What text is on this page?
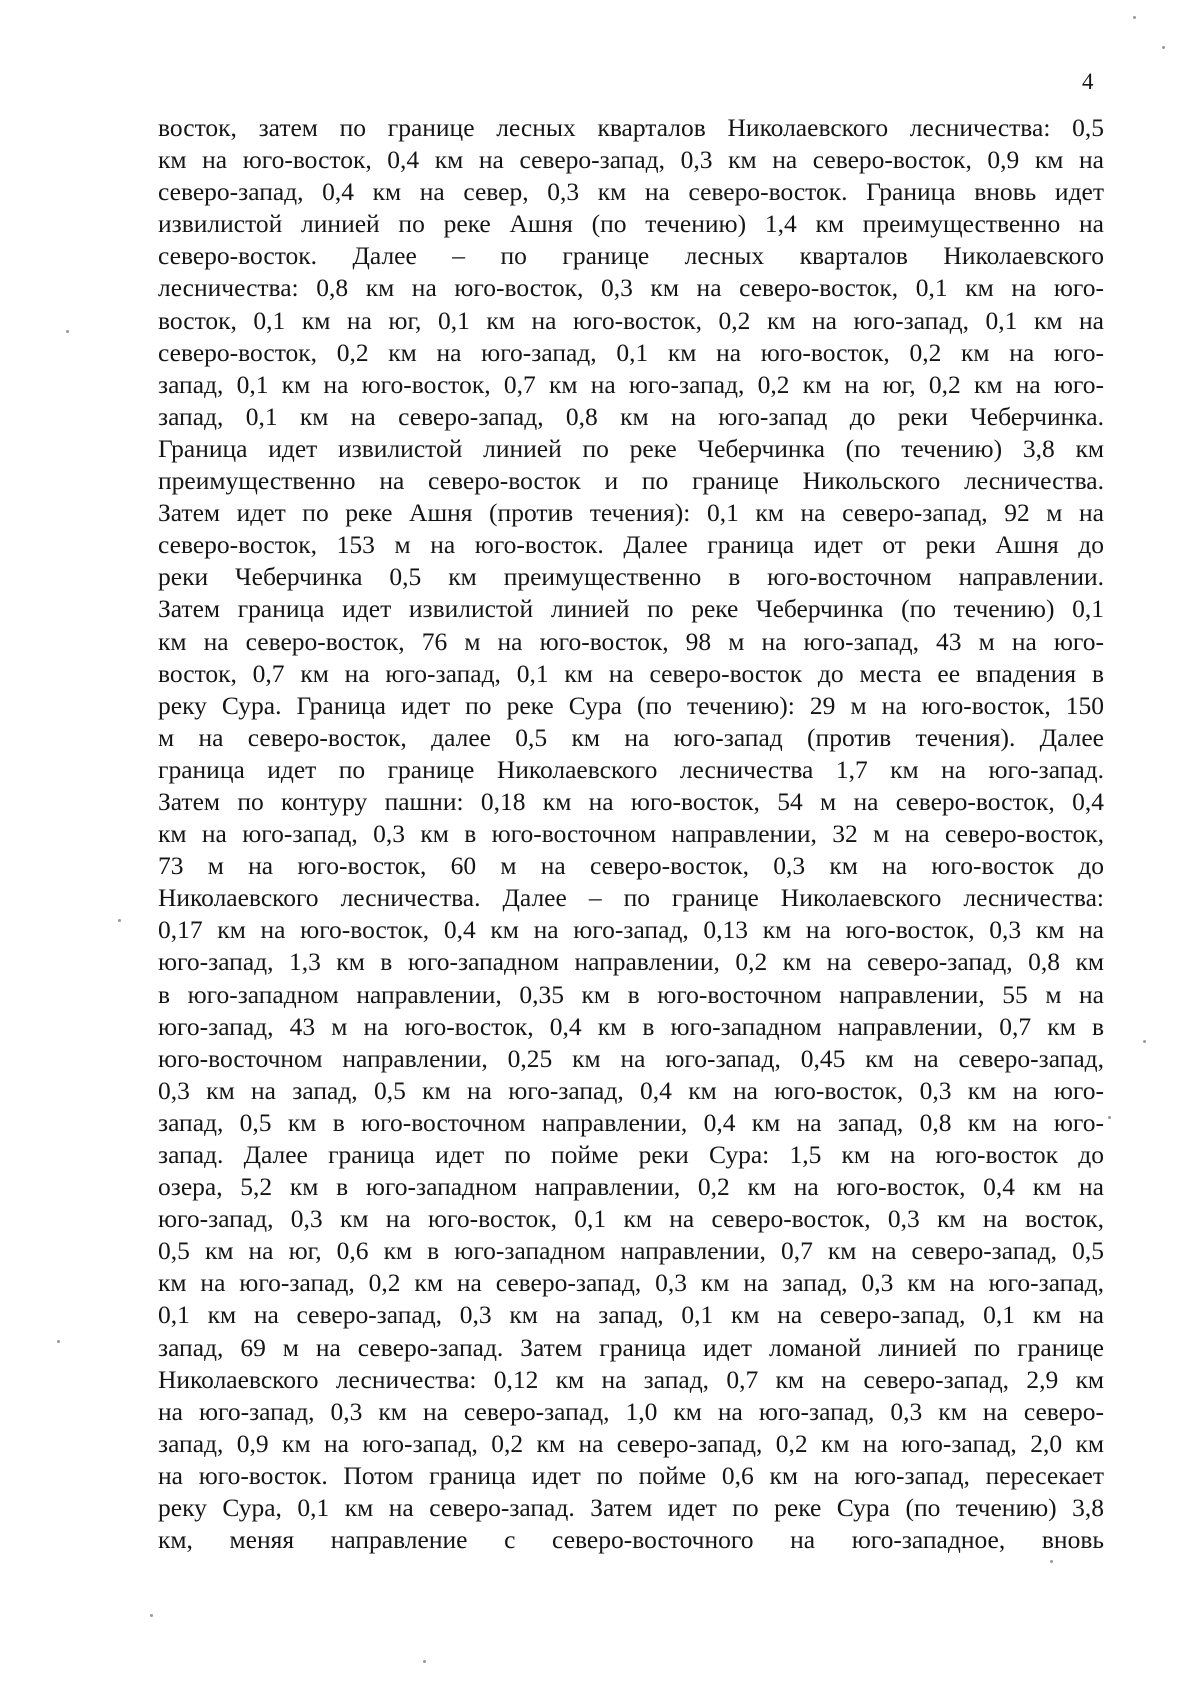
4
восток, затем по границе лесных кварталов Николаевского лесничества: 0,5
км на юго-восток, 0,4 км на северо-запад, 0,3 км на северо-восток, 0,9 км на
северо-запад, 0,4 км на север, 0,3 км на северо-восток. Граница вновь идет
извилистой линией по реке Ашня (по течению) 1,4 км преимущественно на
северо-восток. Далее – по границе лесных кварталов Николаевского
лесничества: 0,8 км на юго-восток, 0,3 км на северо-восток, 0,1 км на юго-
восток, 0,1 км на юг, 0,1 км на юго-восток, 0,2 км на юго-запад, 0,1 км на
северо-восток, 0,2 км на юго-запад, 0,1 км на юго-восток, 0,2 км на юго-
запад, 0,1 км на юго-восток, 0,7 км на юго-запад, 0,2 км на юг, 0,2 км на юго-
запад, 0,1 км на северо-запад, 0,8 км на юго-запад до реки Чеберчинка.
Граница идет извилистой линией по реке Чеберчинка (по течению) 3,8 км
преимущественно на северо-восток и по границе Никольского лесничества.
Затем идет по реке Ашня (против течения): 0,1 км на северо-запад, 92 м на
северо-восток, 153 м на юго-восток. Далее граница идет от реки Ашня до
реки Чеберчинка 0,5 км преимущественно в юго-восточном направлении.
Затем граница идет извилистой линией по реке Чеберчинка (по течению) 0,1
км на северо-восток, 76 м на юго-восток, 98 м на юго-запад, 43 м на юго-
восток, 0,7 км на юго-запад, 0,1 км на северо-восток до места ее впадения в
реку Сура. Граница идет по реке Сура (по течению): 29 м на юго-восток, 150
м на северо-восток, далее 0,5 км на юго-запад (против течения). Далее
граница идет по границе Николаевского лесничества 1,7 км на юго-запад.
Затем по контуру пашни: 0,18 км на юго-восток, 54 м на северо-восток, 0,4
км на юго-запад, 0,3 км в юго-восточном направлении, 32 м на северо-восток,
73 м на юго-восток, 60 м на северо-восток, 0,3 км на юго-восток до
Николаевского лесничества. Далее – по границе Николаевского лесничества:
0,17 км на юго-восток, 0,4 км на юго-запад, 0,13 км на юго-восток, 0,3 км на
юго-запад, 1,3 км в юго-западном направлении, 0,2 км на северо-запад, 0,8 км
в юго-западном направлении, 0,35 км в юго-восточном направлении, 55 м на
юго-запад, 43 м на юго-восток, 0,4 км в юго-западном направлении, 0,7 км в
юго-восточном направлении, 0,25 км на юго-запад, 0,45 км на северо-запад,
0,3 км на запад, 0,5 км на юго-запад, 0,4 км на юго-восток, 0,3 км на юго-
запад, 0,5 км в юго-восточном направлении, 0,4 км на запад, 0,8 км на юго-
запад. Далее граница идет по пойме реки Сура: 1,5 км на юго-восток до
озера, 5,2 км в юго-западном направлении, 0,2 км на юго-восток, 0,4 км на
юго-запад, 0,3 км на юго-восток, 0,1 км на северо-восток, 0,3 км на восток,
0,5 км на юг, 0,6 км в юго-западном направлении, 0,7 км на северо-запад, 0,5
км на юго-запад, 0,2 км на северо-запад, 0,3 км на запад, 0,3 км на юго-запад,
0,1 км на северо-запад, 0,3 км на запад, 0,1 км на северо-запад, 0,1 км на
запад, 69 м на северо-запад. Затем граница идет ломаной линией по границе
Николаевского лесничества: 0,12 км на запад, 0,7 км на северо-запад, 2,9 км
на юго-запад, 0,3 км на северо-запад, 1,0 км на юго-запад, 0,3 км на северо-
запад, 0,9 км на юго-запад, 0,2 км на северо-запад, 0,2 км на юго-запад, 2,0 км
на юго-восток. Потом граница идет по пойме 0,6 км на юго-запад, пересекает
реку Сура, 0,1 км на северо-запад. Затем идет по реке Сура (по течению) 3,8
км, меняя направление с северо-восточного на юго-западное, вновь
